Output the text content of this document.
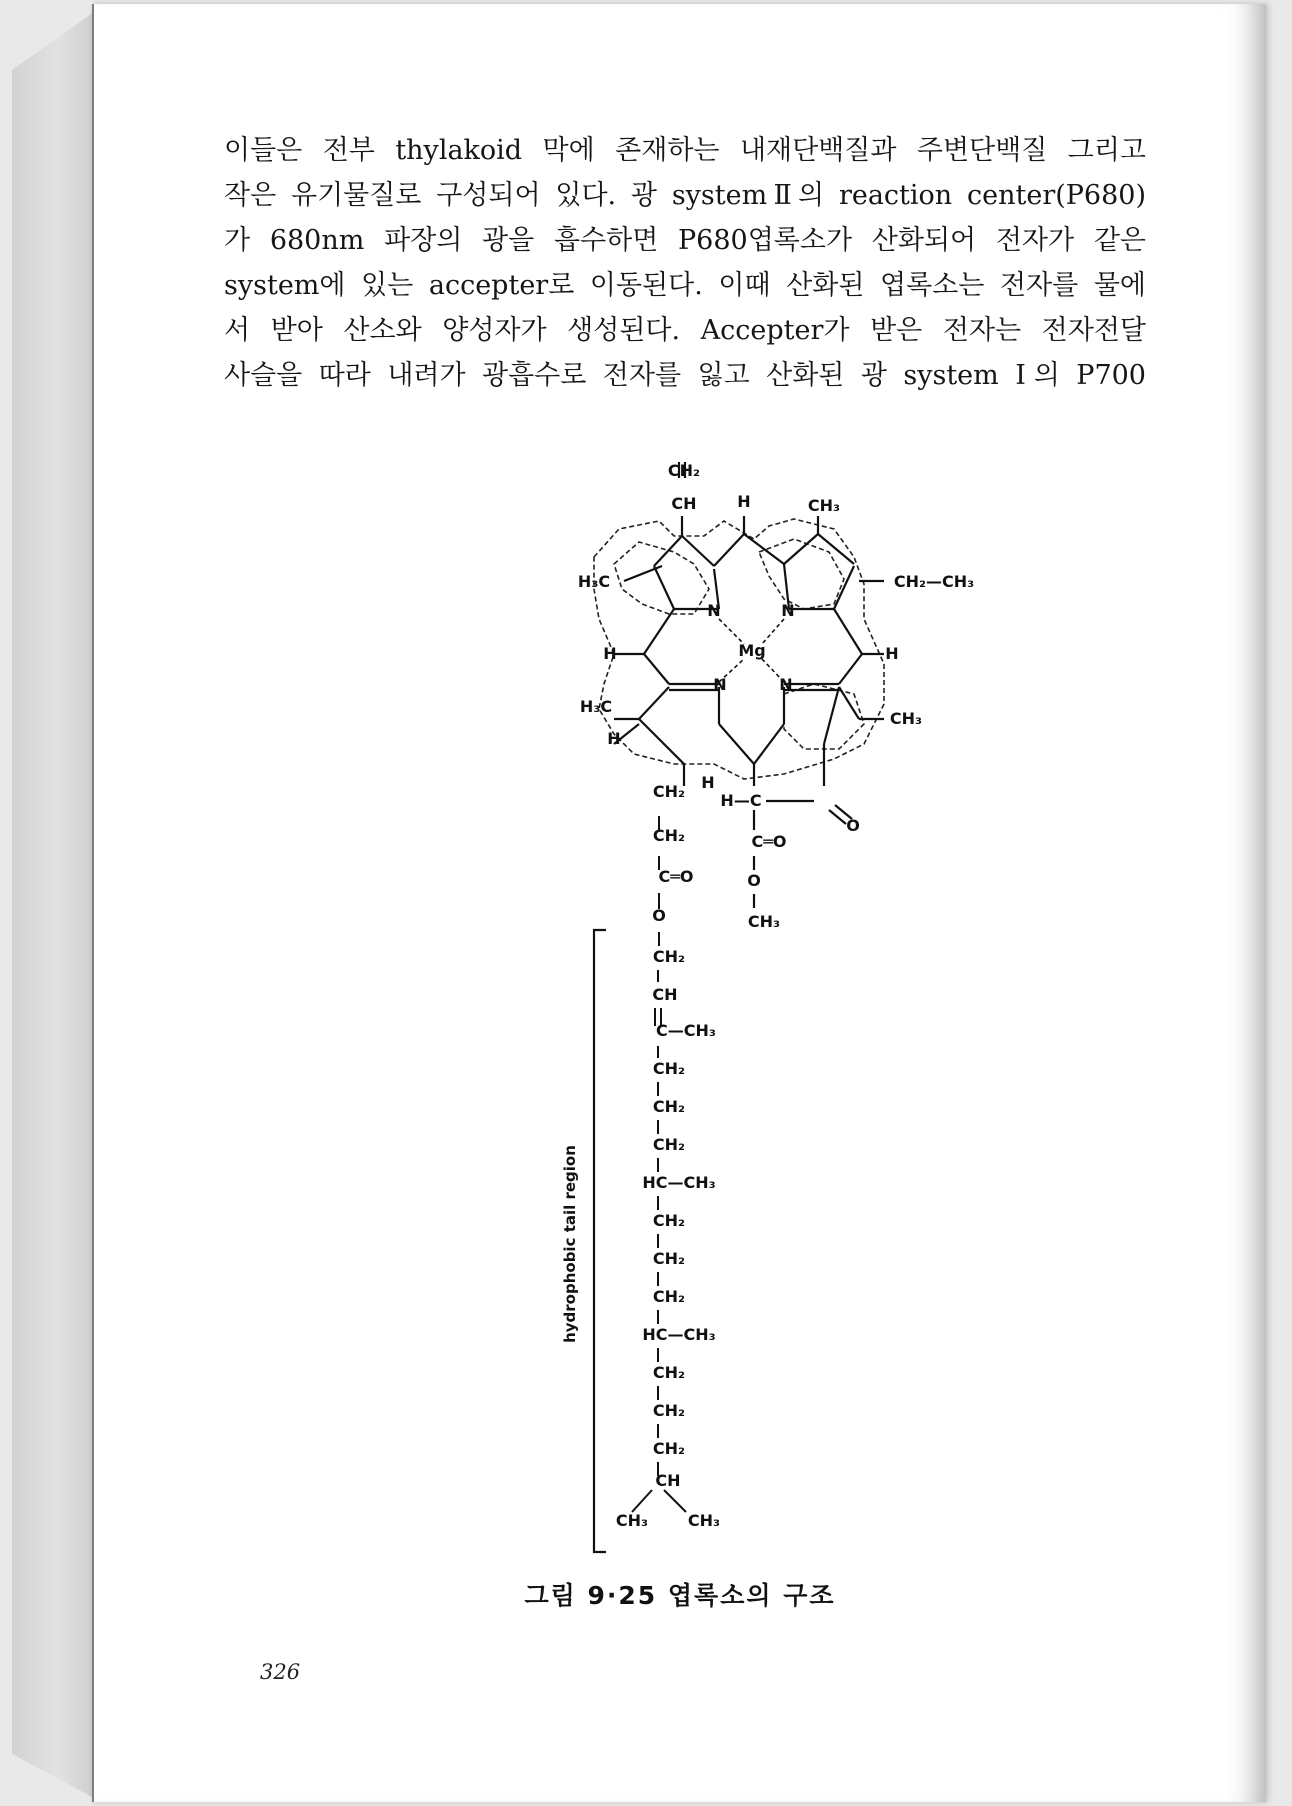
이들은 전부 thylakoid 막에 존재하는 내재단백질과 주변단백질 그리고
작은 유기물질로 구성되어 있다. 광 systemⅡ의 reaction center(P680)
가 680nm 파장의 광을 흡수하면 P680엽록소가 산화되어 전자가 같은
system에 있는 accepter로 이동된다. 이때 산화된 엽록소는 전자를 물에
서 받아 산소와 양성자가 생성된다. Accepter가 받은 전자는 전자전달
사슬을 따라 내려가 광흡수로 전자를 잃고 산화된 광 system Ⅰ의 P700
CH₂
CH	H	CH₃
H₃C	CH₂—CH₃
N	N
Mg
H	H
N	N
H₃C
H
CH₃
H
H—C
O
C═O
O
CH₃
CH₂
CH₂
C═O
O
CH₂
CH
C—CH₃
CH₂
CH₂
CH₂
HC—CH₃
CH₂
CH₂
CH₂
HC—CH₃
CH₂
CH₂
CH₂
CH
CH₃ CH₃
hydrophobic tail region
그림 9·25 엽록소의 구조
326
